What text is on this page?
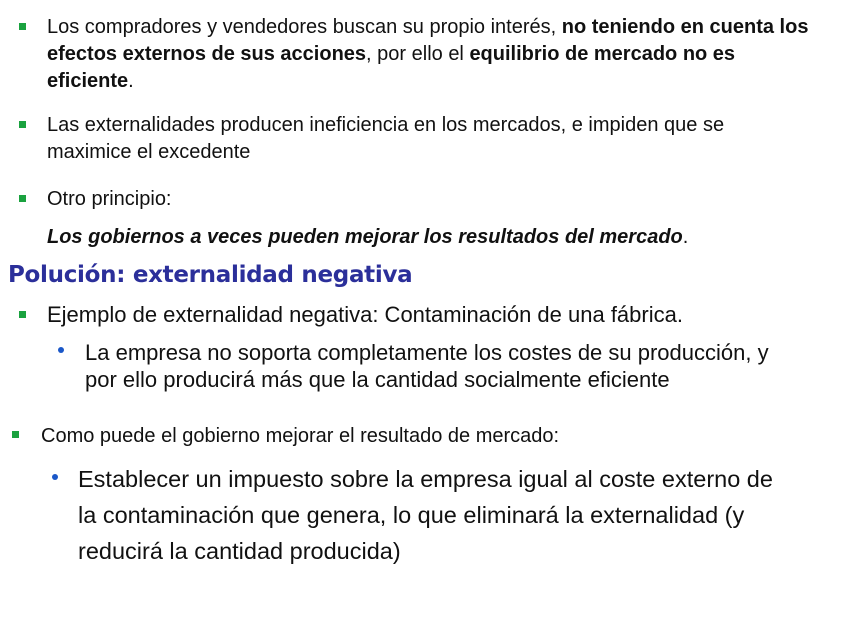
Los compradores y vendedores buscan su propio interés, no teniendo en cuenta los efectos externos de sus acciones, por ello el equilibrio de mercado no es eficiente.

Las externalidades producen ineficiencia en los mercados, e impiden que se maximice el excedente

Otro principio:

Los gobiernos a veces pueden mejorar los resultados del mercado.

Polución: externalidad negativa

Ejemplo de externalidad negativa: Contaminación de una fábrica.

La empresa no soporta completamente los costes de su producción, y por ello producirá más que la cantidad socialmente eficiente

Como puede el gobierno mejorar el resultado de mercado:

Establecer un impuesto sobre la empresa igual al coste externo de la contaminación que genera, lo que eliminará la externalidad (y reducirá la cantidad producida)
